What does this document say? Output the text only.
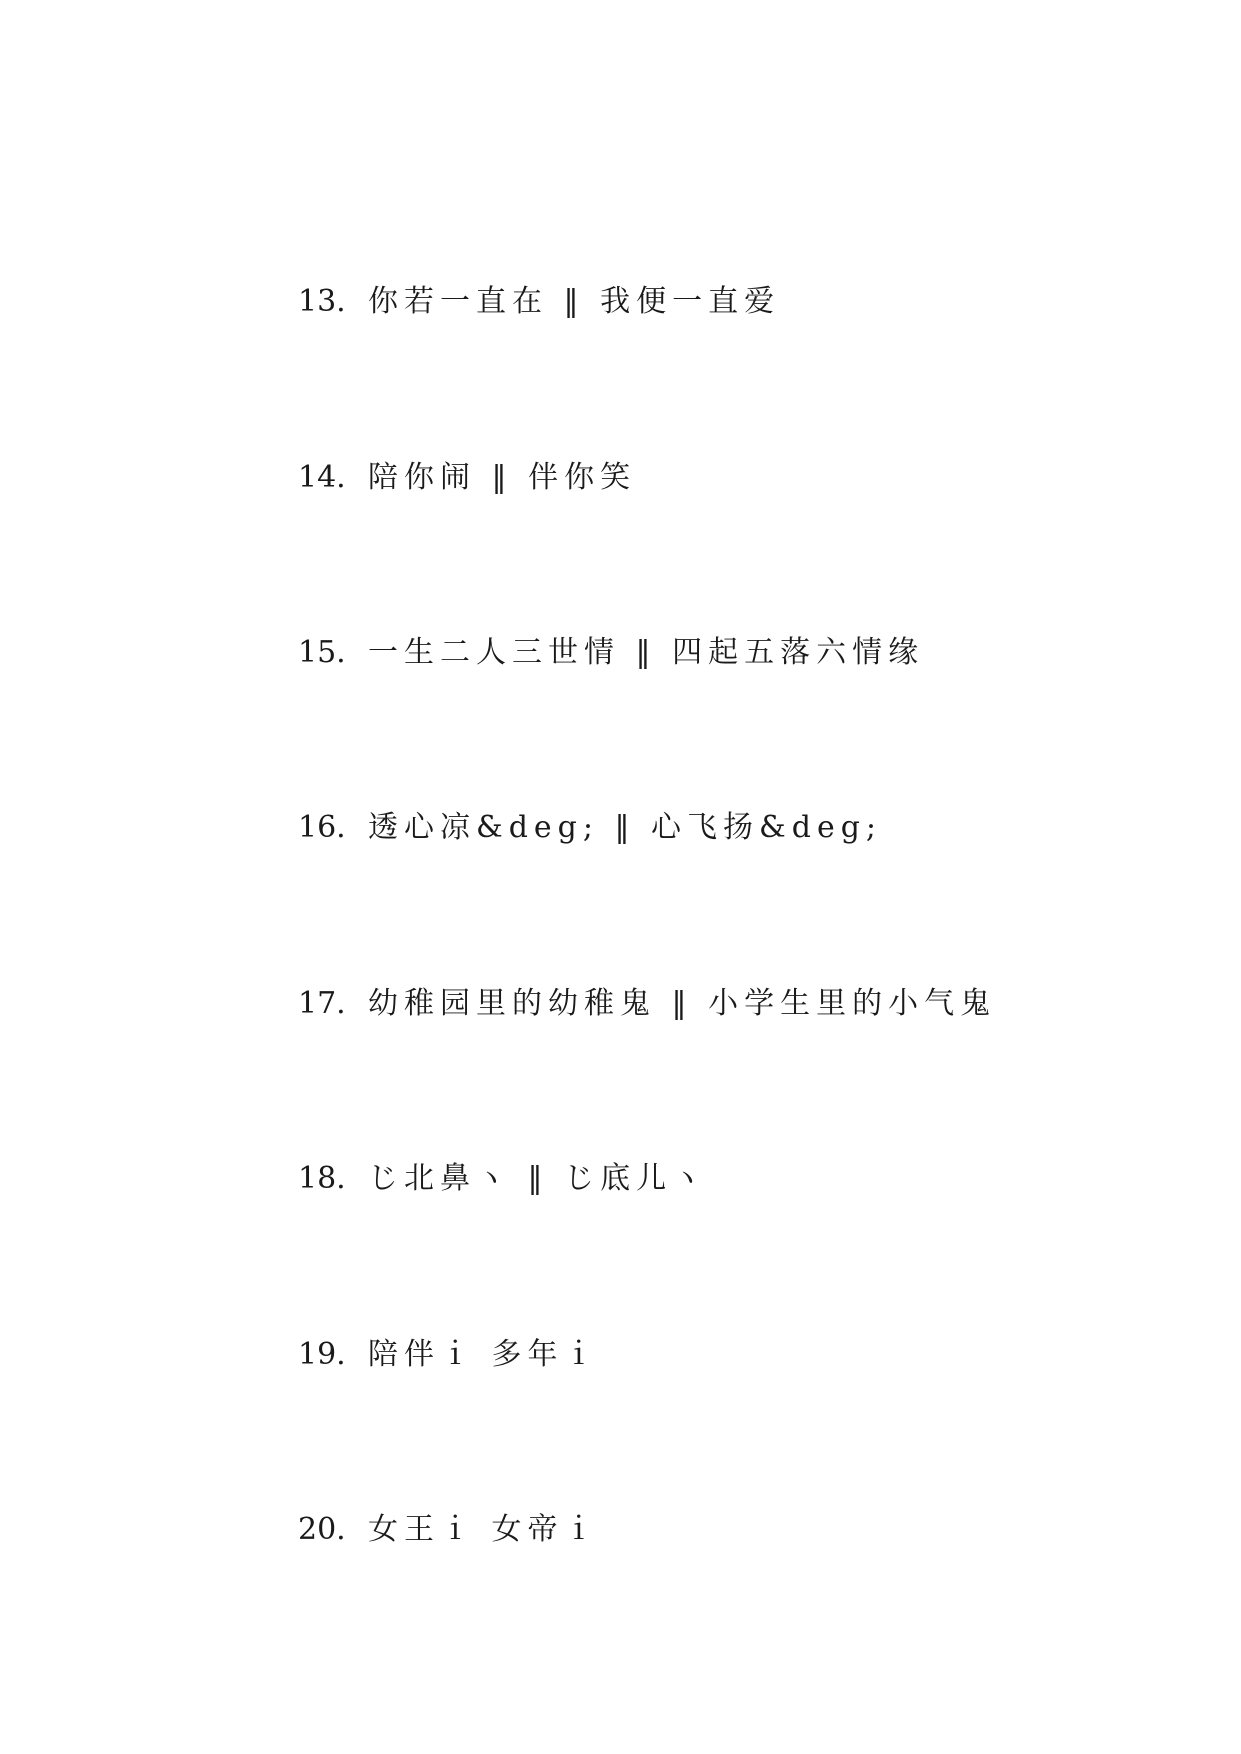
13. 你若一直在 ‖ 我便一直爱
14. 陪你闹 ‖ 伴你笑
15. 一生二人三世情 ‖ 四起五落六情缘
16. 透心凉&deg; ‖ 心飞扬&deg;
17. 幼稚园里的幼稚鬼 ‖ 小学生里的小气鬼
18. じ北鼻ヽ ‖ じ底儿ヽ
19. 陪伴ｉ 多年ｉ
20. 女王ｉ 女帝ｉ
